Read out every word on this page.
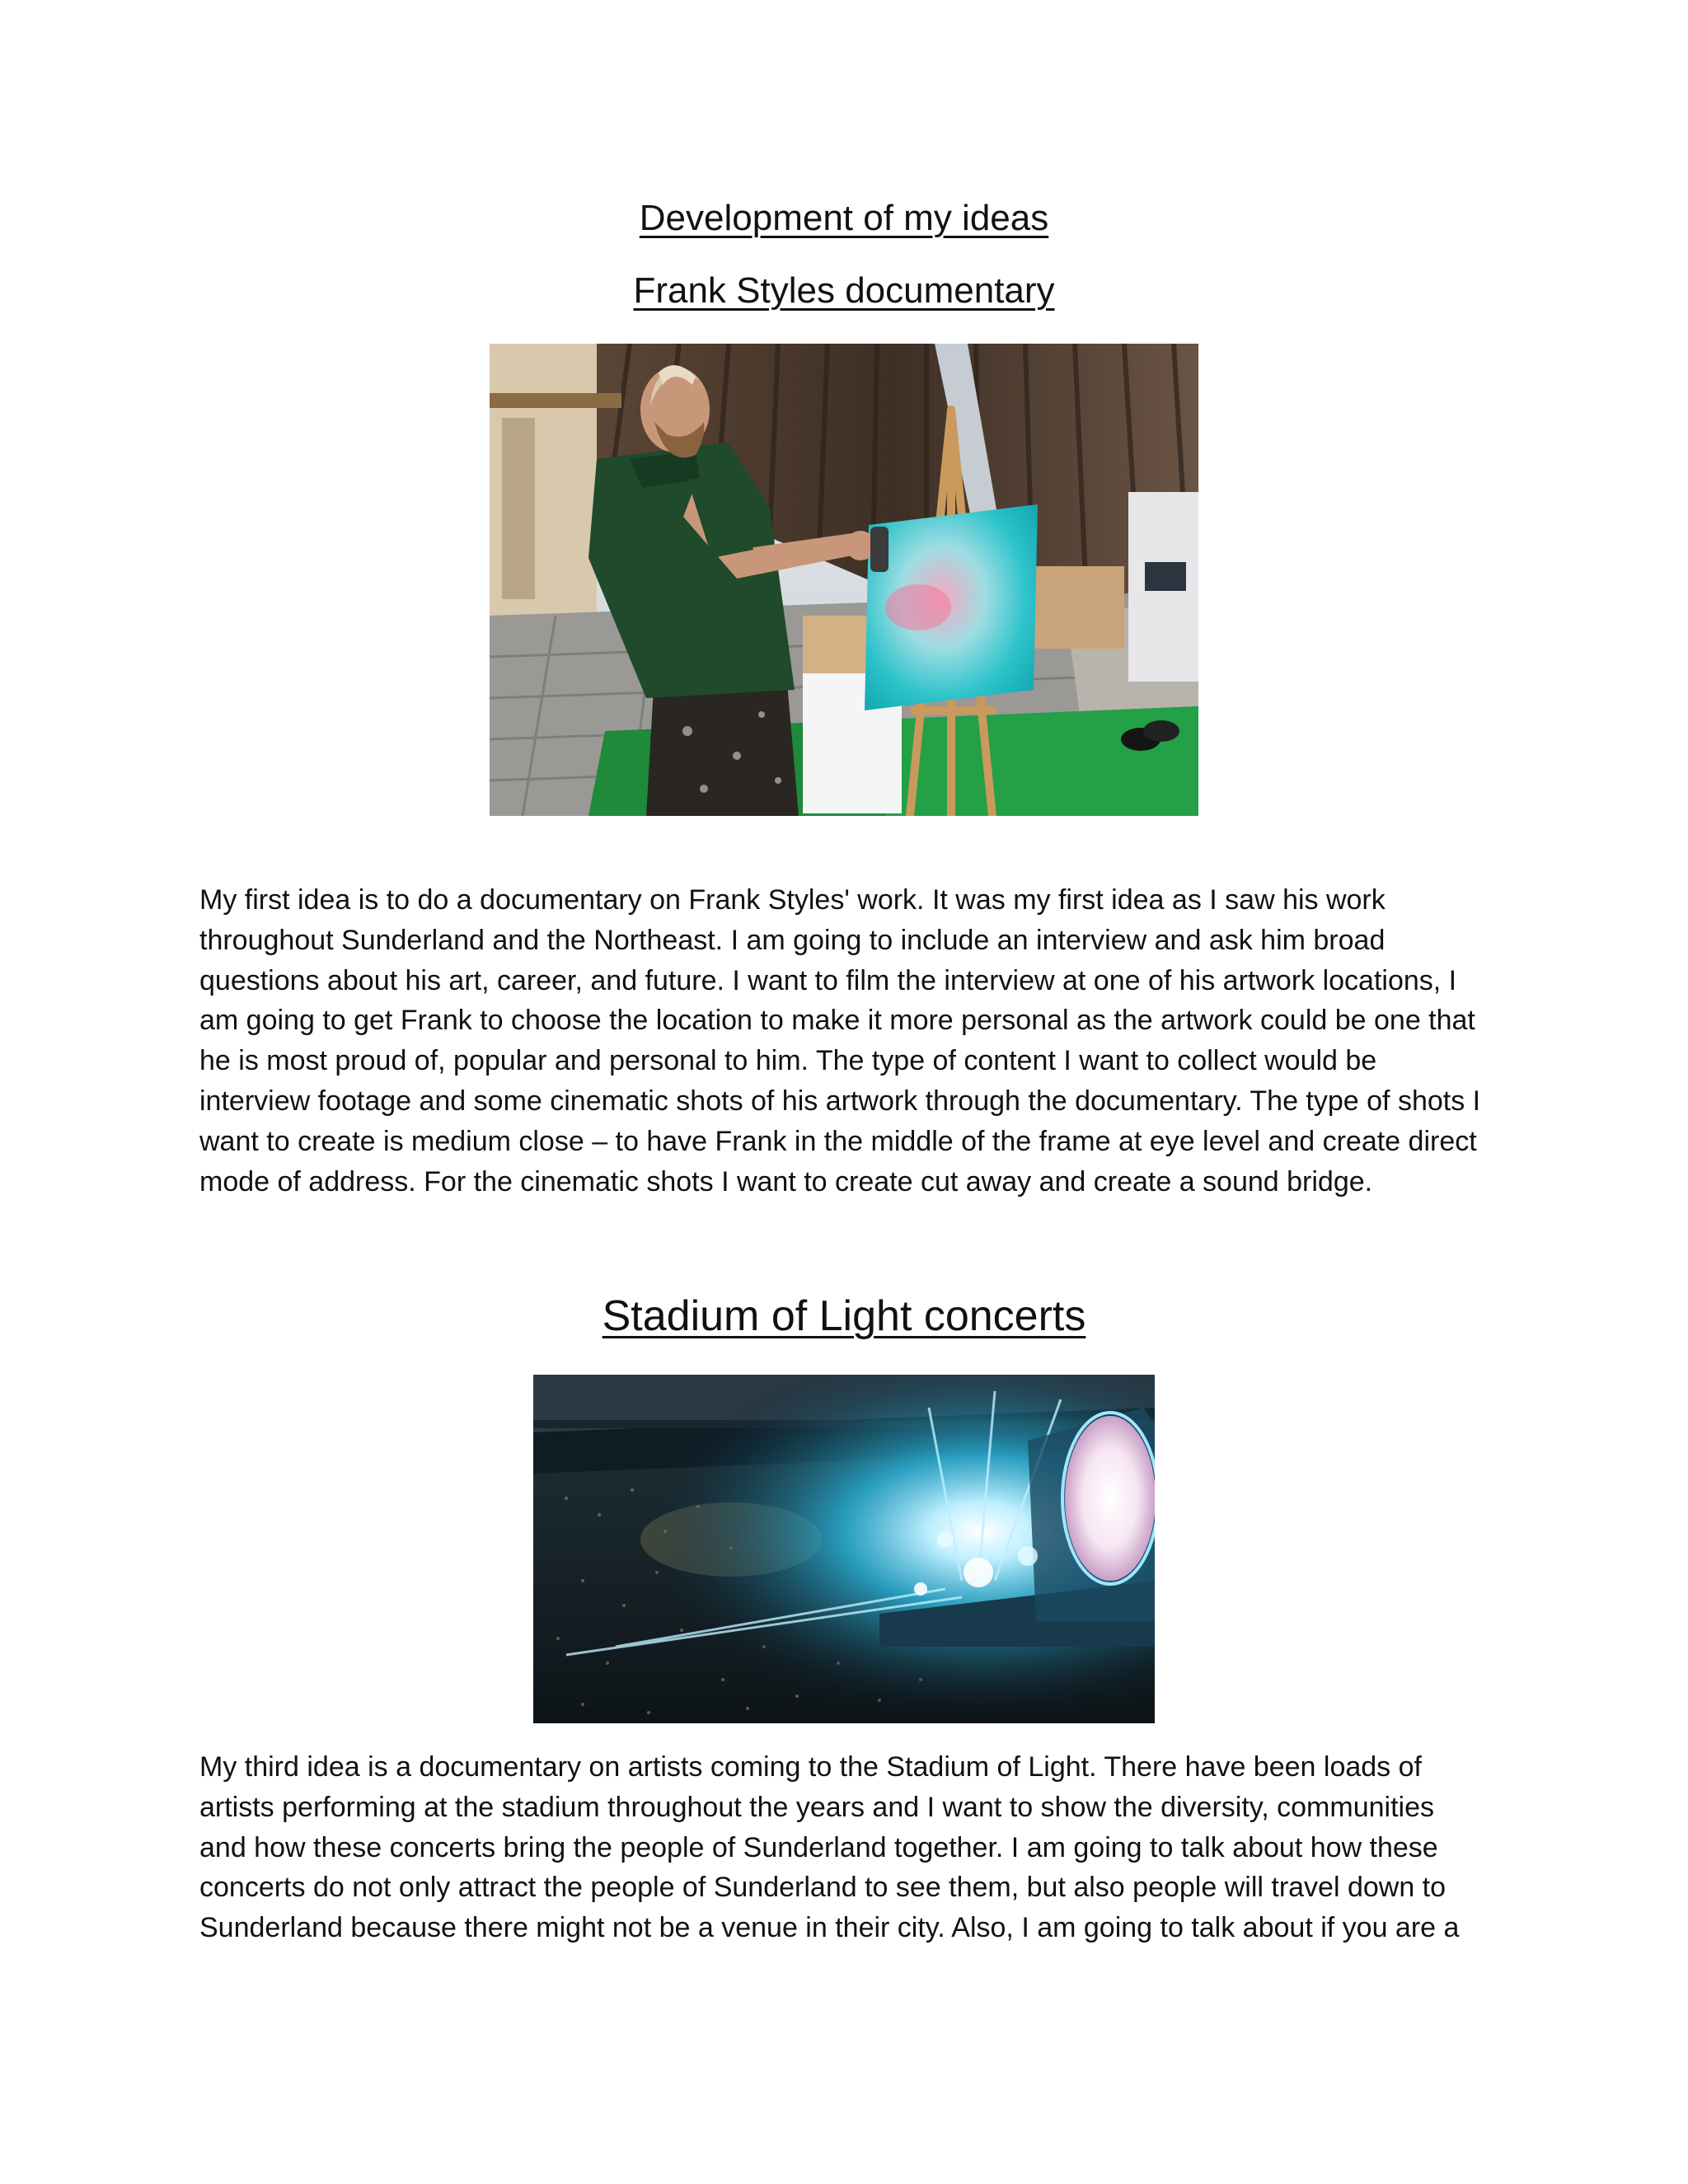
Development of my ideas
Frank Styles documentary
My first idea is to do a documentary on Frank Styles' work. It was my first idea as I saw his work
throughout Sunderland and the Northeast. I am going to include an interview and ask him broad
questions about his art, career, and future. I want to film the interview at one of his artwork locations, I
am going to get Frank to choose the location to make it more personal as the artwork could be one that
he is most proud of, popular and personal to him. The type of content I want to collect would be
interview footage and some cinematic shots of his artwork through the documentary. The type of shots I
want to create is medium close – to have Frank in the middle of the frame at eye level and create direct
mode of address. For the cinematic shots I want to create cut away and create a sound bridge.
Stadium of Light concerts
My third idea is a documentary on artists coming to the Stadium of Light. There have been loads of
artists performing at the stadium throughout the years and I want to show the diversity, communities
and how these concerts bring the people of Sunderland together. I am going to talk about how these
concerts do not only attract the people of Sunderland to see them, but also people will travel down to
Sunderland because there might not be a venue in their city. Also, I am going to talk about if you are a
